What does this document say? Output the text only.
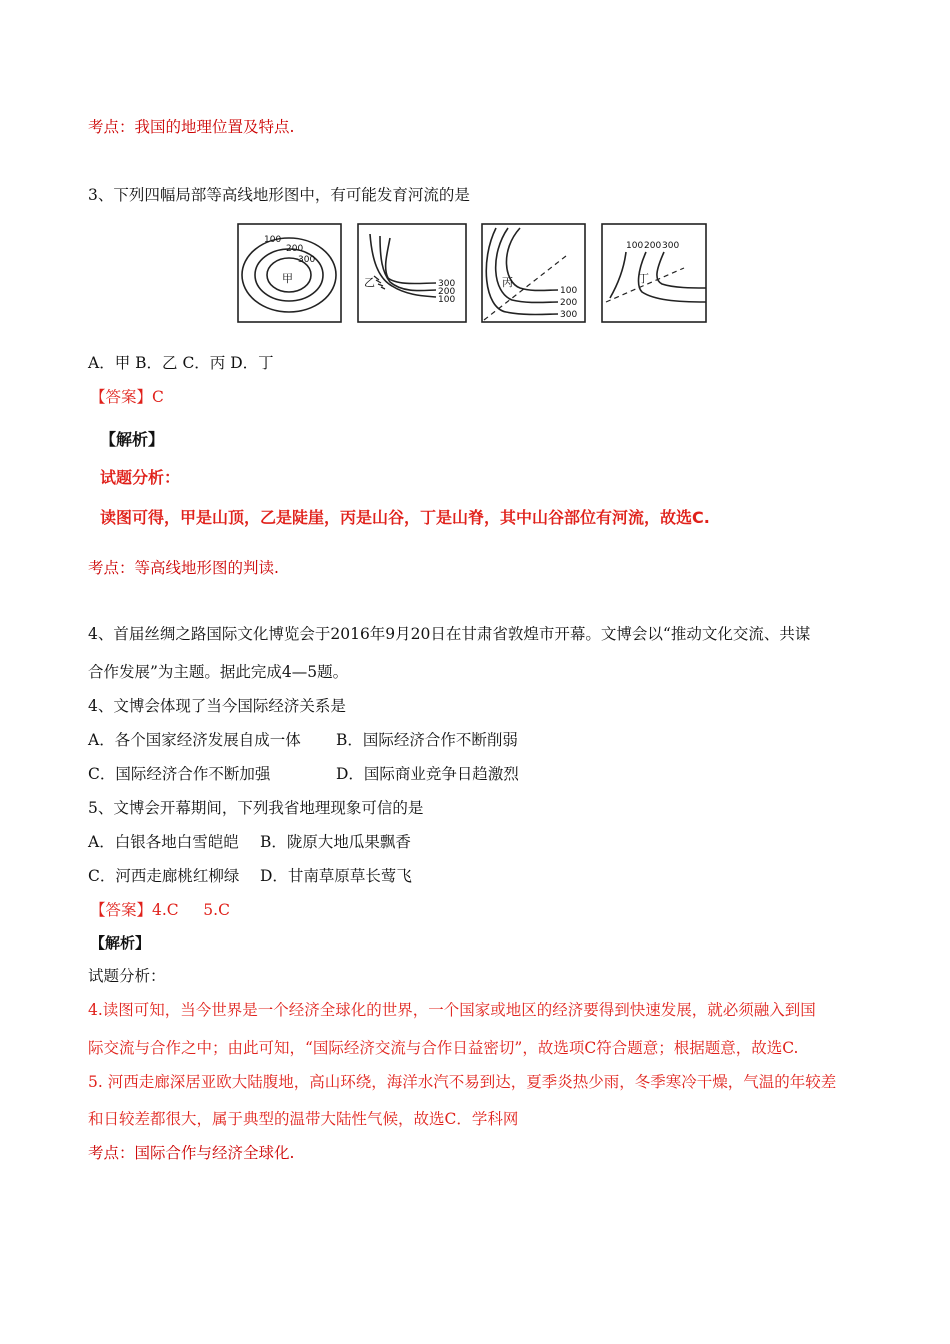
考点：我国的地理位置及特点.
3、下列四幅局部等高线地形图中，有可能发育河流的是
100
200
300
甲	乙	300
200
100
丙
100
200
300
100 200 300
丁
A．甲 B．乙 C．丙 D．丁
【答案】C
【解析】
试题分析：
读图可得，甲是山顶，乙是陡崖，丙是山谷，丁是山脊，其中山谷部位有河流，故选C.
考点：等高线地形图的判读.
4、首届丝绸之路国际文化博览会于2016年9月20日在甘肃省敦煌市开幕。文博会以“推动文化交流、共谋
合作发展”为主题。据此完成4—5题。
4、文博会体现了当今国际经济关系是
A．各个国家经济发展自成一体 B．国际经济合作不断削弱
C．国际经济合作不断加强	D．国际商业竞争日趋激烈
5、文博会开幕期间，下列我省地理现象可信的是
A．白银各地白雪皑皑 B．陇原大地瓜果飘香
C．河西走廊桃红柳绿 D．甘南草原草长莺飞
【答案】4.C     5.C
【解析】
试题分析：
4.读图可知，当今世界是一个经济全球化的世界，一个国家或地区的经济要得到快速发展，就必须融入到国
际交流与合作之中；由此可知，“国际经济交流与合作日益密切”，故选项C符合题意；根据题意，故选C.
5. 河西走廊深居亚欧大陆腹地，高山环绕，海洋水汽不易到达，夏季炎热少雨，冬季寒冷干燥，气温的年较差
和日较差都很大，属于典型的温带大陆性气候，故选C．学科网
考点：国际合作与经济全球化.
